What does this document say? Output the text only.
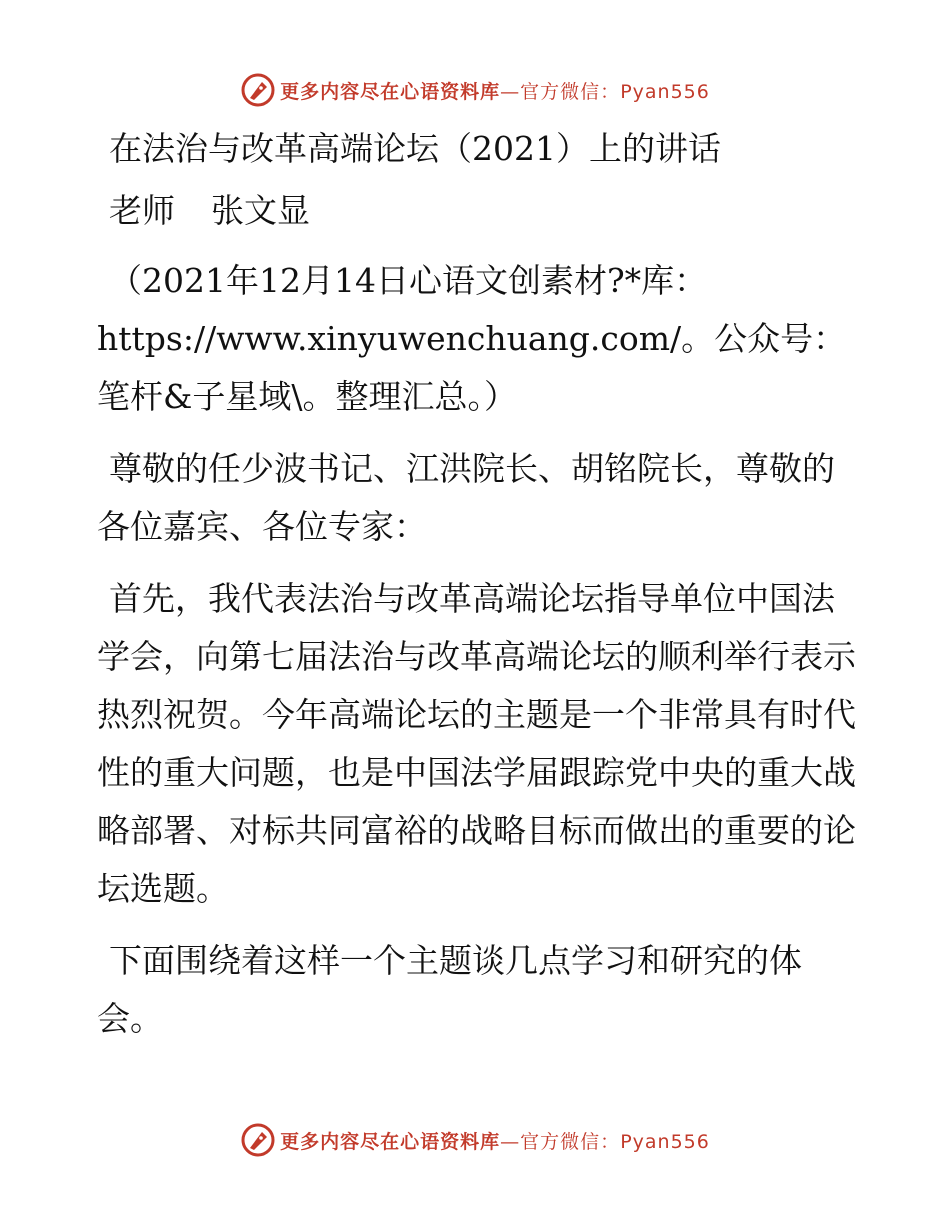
更多内容尽在心语资料库—官方微信：Pyan556

在法治与改革高端论坛（2021）上的讲话

老师 张文显

（2021年12月14日心语文创素材?*库：https://www.xinyuwenchuang.com/。公众号：笔杆&子星域\。整理汇总。）

尊敬的任少波书记、江洪院长、胡铭院长，尊敬的各位嘉宾、各位专家：

首先，我代表法治与改革高端论坛指导单位中国法学会，向第七届法治与改革高端论坛的顺利举行表示热烈祝贺。今年高端论坛的主题是一个非常具有时代性的重大问题，也是中国法学届跟踪党中央的重大战略部署、对标共同富裕的战略目标而做出的重要的论坛选题。

下面围绕着这样一个主题谈几点学习和研究的体会。

更多内容尽在心语资料库—官方微信：Pyan556
